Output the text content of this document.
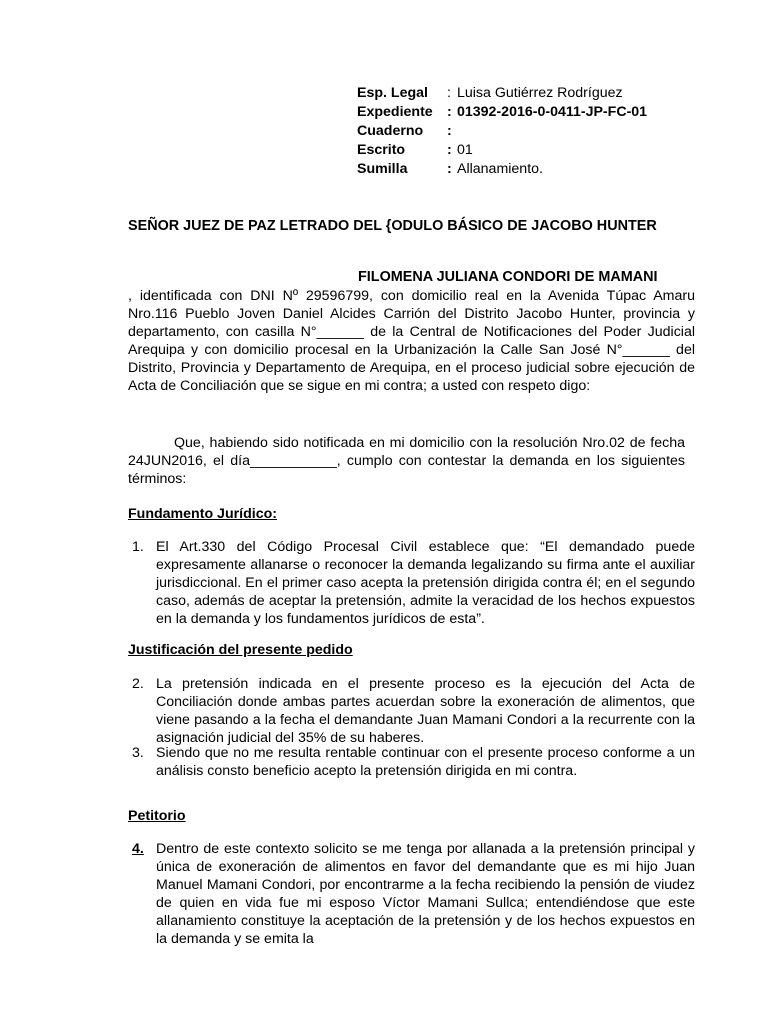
Esp. Legal	: Luisa Gutiérrez Rodríguez
Expediente	: 01392-2016-0-0411-JP-FC-01
Cuaderno	:
Escrito	: 01
Sumilla	: Allanamiento.
SEÑOR JUEZ DE PAZ LETRADO DEL {ODULO BÁSICO DE JACOBO HUNTER
FILOMENA JULIANA CONDORI DE MAMANI
, identificada con DNI Nº 29596799, con domicilio real en la Avenida Túpac Amaru Nro.116 Pueblo Joven Daniel Alcides Carrión del Distrito Jacobo Hunter, provincia y departamento, con casilla N°______ de la Central de Notificaciones del Poder Judicial Arequipa y con domicilio procesal en la Urbanización la Calle San José N°______ del Distrito, Provincia y Departamento de Arequipa, en el proceso judicial sobre ejecución de Acta de Conciliación que se sigue en mi contra; a usted con respeto digo:
Que, habiendo sido notificada en mi domicilio con la resolución Nro.02 de fecha 24JUN2016, el día___________, cumplo con contestar la demanda en los siguientes términos:
Fundamento Jurídico:
1. El Art.330 del Código Procesal Civil establece que: “El demandado puede expresamente allanarse o reconocer la demanda legalizando su firma ante el auxiliar jurisdiccional. En el primer caso acepta la pretensión dirigida contra él; en el segundo caso, además de aceptar la pretensión, admite la veracidad de los hechos expuestos en la demanda y los fundamentos jurídicos de esta”.
Justificación del presente pedido
2. La pretensión indicada en el presente proceso es la ejecución del Acta de Conciliación donde ambas partes acuerdan sobre la exoneración de alimentos, que viene pasando a la fecha el demandante Juan Mamani Condori a la recurrente con la asignación judicial del 35% de su haberes.
3. Siendo que no me resulta rentable continuar con el presente proceso conforme a un análisis consto beneficio acepto la pretensión dirigida en mi contra.
Petitorio
4. Dentro de este contexto solicito se me tenga por allanada a la pretensión principal y única de exoneración de alimentos en favor del demandante que es mi hijo Juan Manuel Mamani Condori, por encontrarme a la fecha recibiendo la pensión de viudez de quien en vida fue mi esposo Víctor Mamani Sullca; entendiéndose que este allanamiento constituye la aceptación de la pretensión y de los hechos expuestos en la demanda y se emita la
